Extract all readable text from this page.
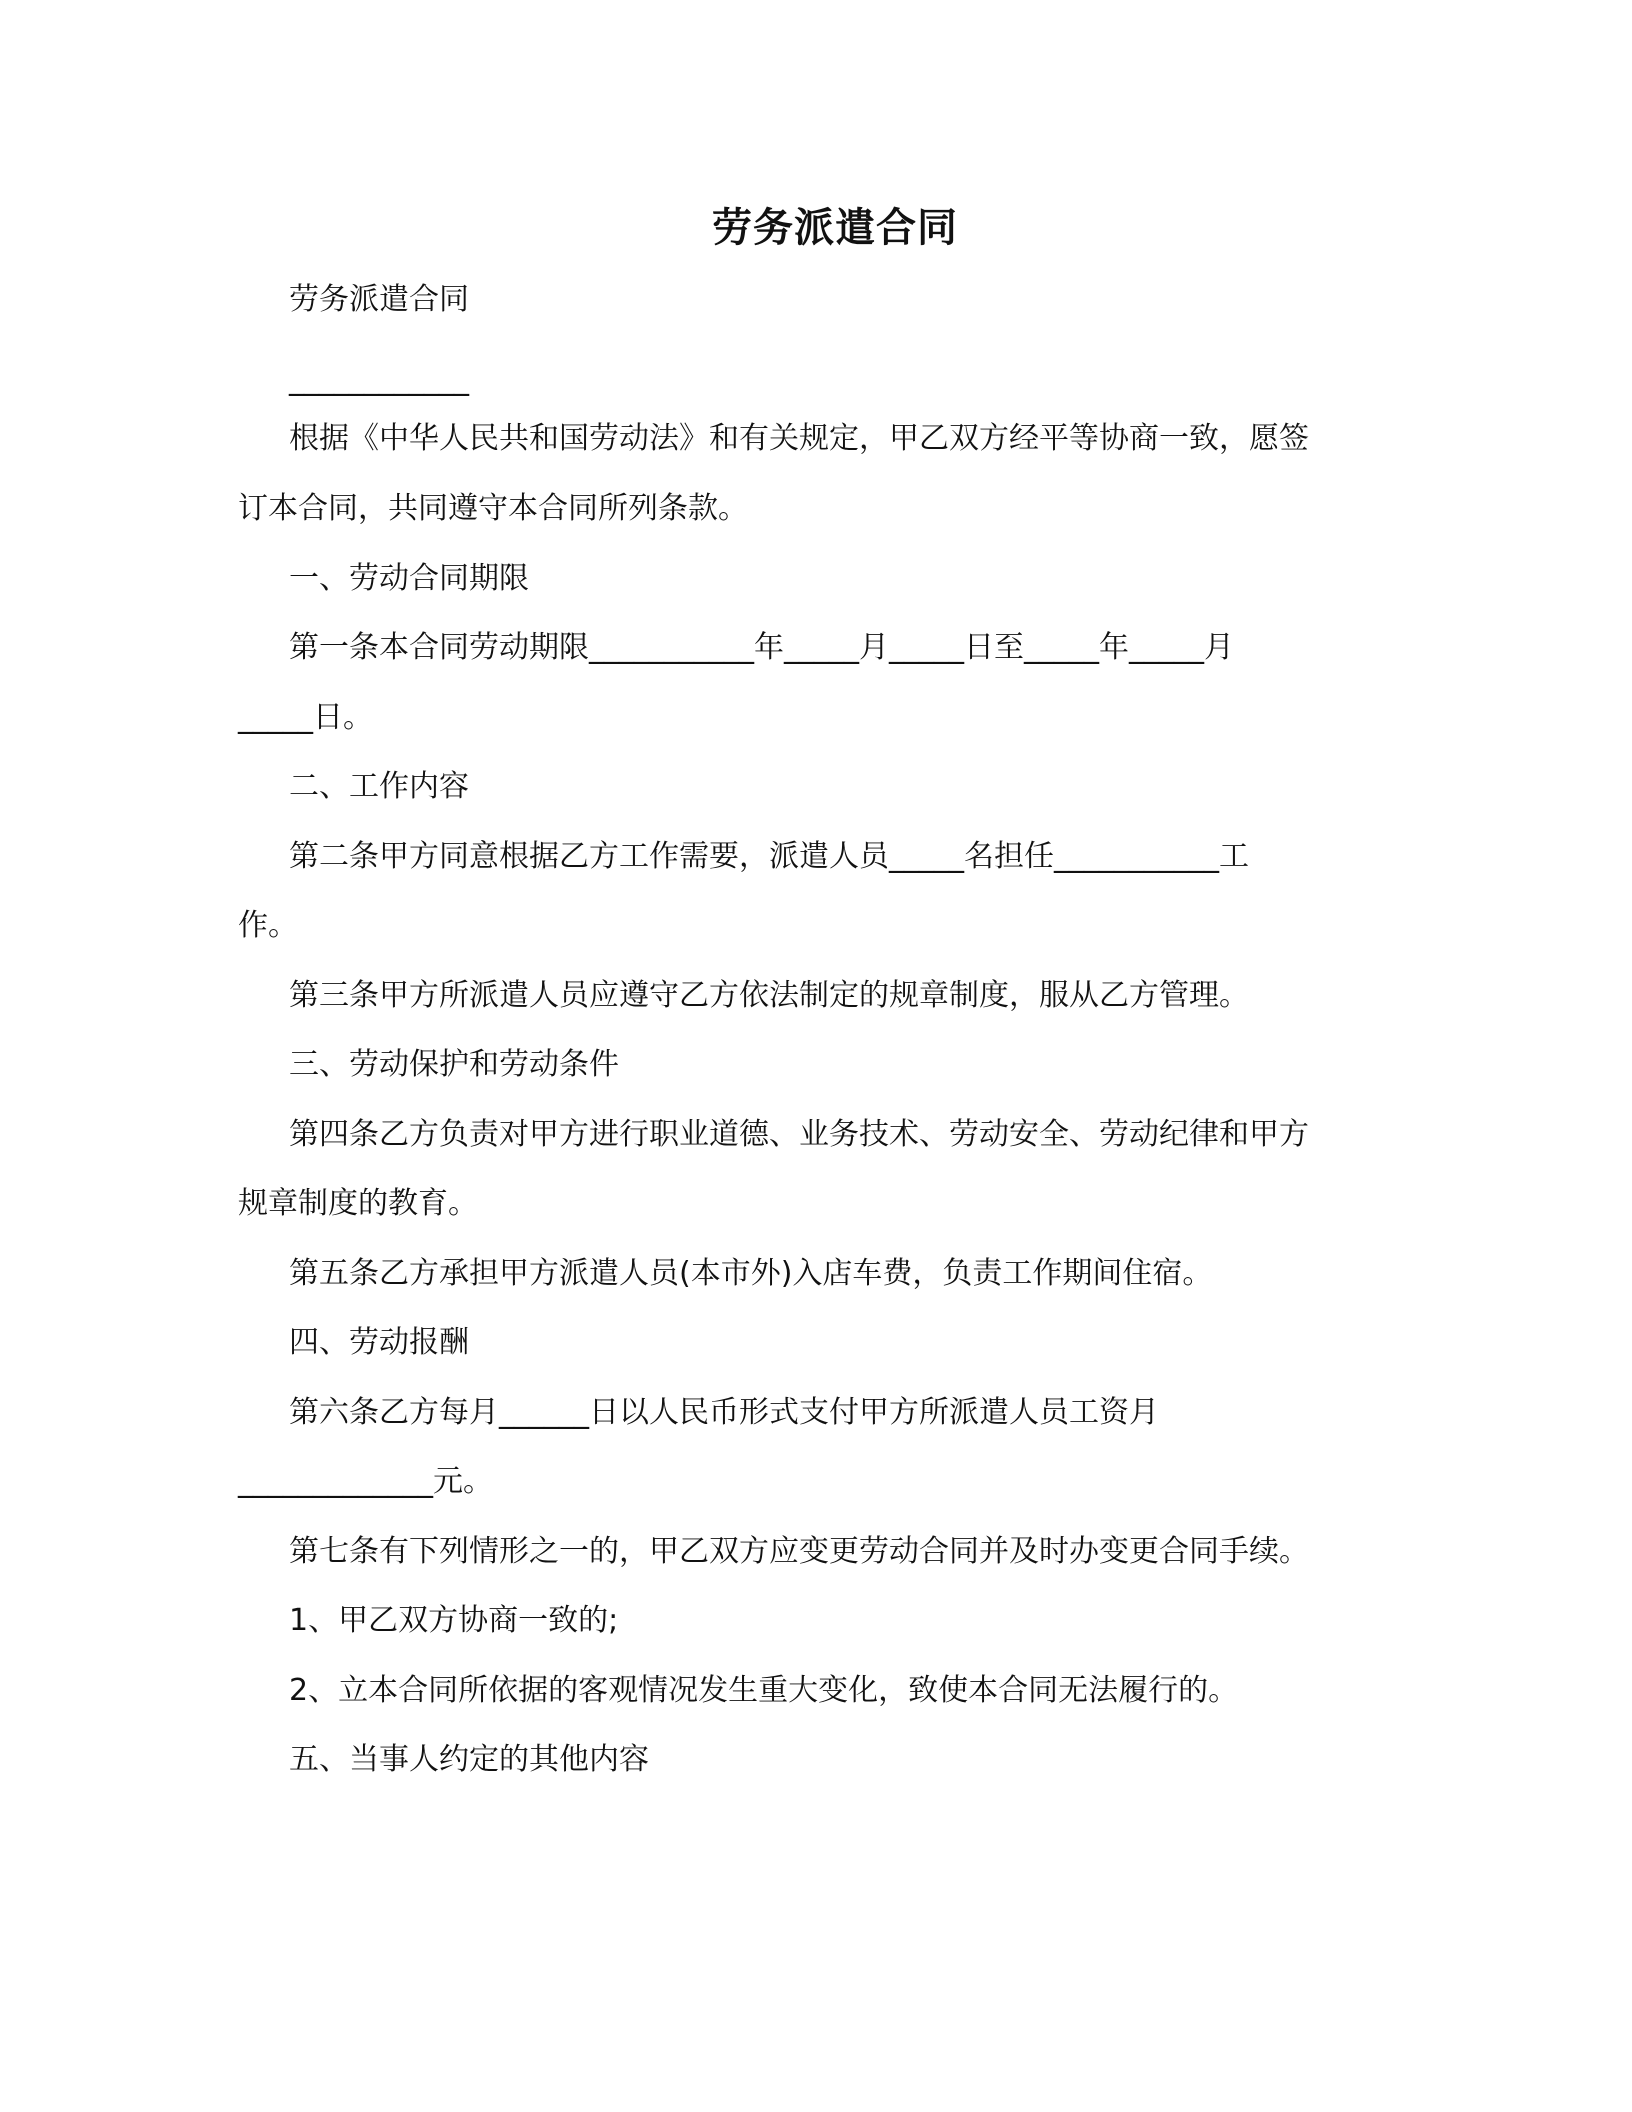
劳务派遣合同
劳务派遣合同
____________
根据《中华人民共和国劳动法》和有关规定，甲乙双方经平等协商一致，愿签
订本合同，共同遵守本合同所列条款。
一、劳动合同期限
第一条本合同劳动期限___________年_____月_____日至_____年_____月
_____日。
二、工作内容
第二条甲方同意根据乙方工作需要，派遣人员_____名担任___________工
作。
第三条甲方所派遣人员应遵守乙方依法制定的规章制度，服从乙方管理。
三、劳动保护和劳动条件
第四条乙方负责对甲方进行职业道德、业务技术、劳动安全、劳动纪律和甲方
规章制度的教育。
第五条乙方承担甲方派遣人员(本市外)入店车费，负责工作期间住宿。
四、劳动报酬
第六条乙方每月______日以人民币形式支付甲方所派遣人员工资月
_____________元。
第七条有下列情形之一的，甲乙双方应变更劳动合同并及时办变更合同手续。
1、甲乙双方协商一致的;
2、立本合同所依据的客观情况发生重大变化，致使本合同无法履行的。
五、当事人约定的其他内容
